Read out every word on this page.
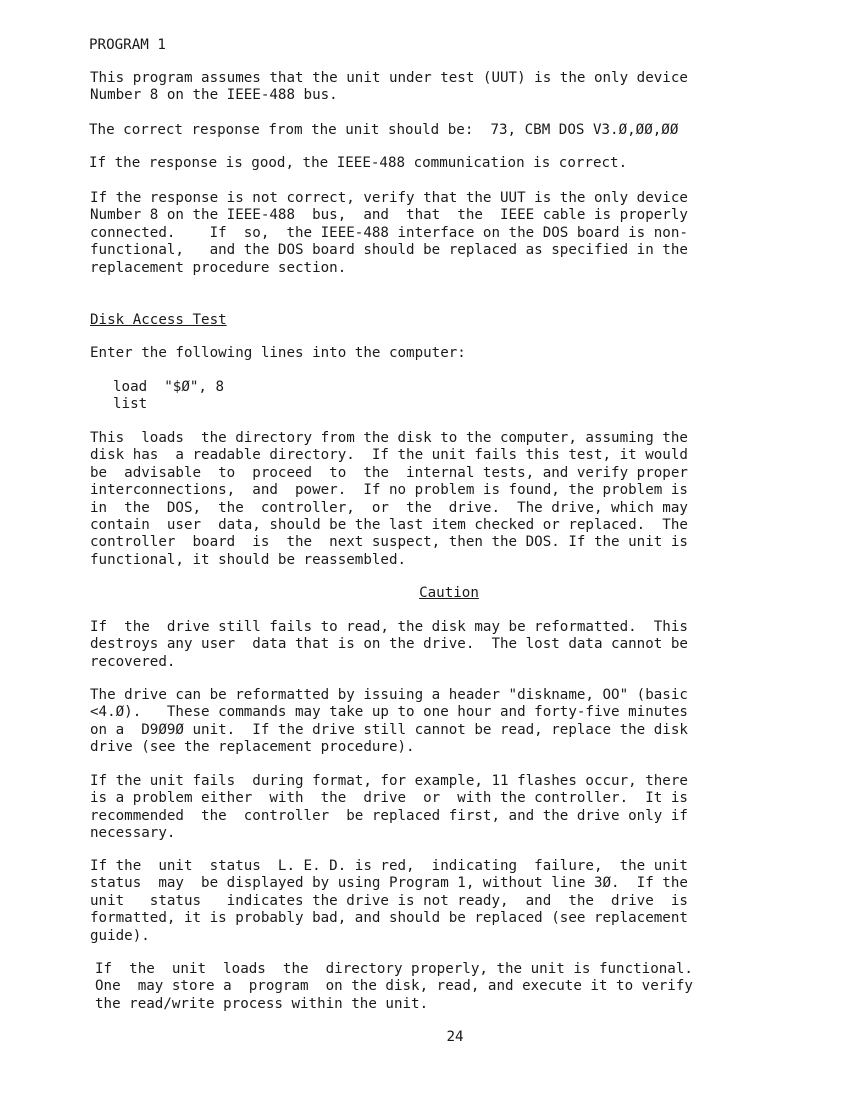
PROGRAM 1
This program assumes that the unit under test (UUT) is the only device
Number 8 on the IEEE-488 bus.
The correct response from the unit should be:  73, CBM DOS V3.Ø,ØØ,ØØ
If the response is good, the IEEE-488 communication is correct.
If the response is not correct, verify that the UUT is the only device
Number 8 on the IEEE-488  bus,  and  that  the  IEEE cable is properly
connected.    If  so,  the IEEE-488 interface on the DOS board is non-
functional,   and the DOS board should be replaced as specified in the
replacement procedure section.
Disk Access Test
Enter the following lines into the computer:
load  "$Ø", 8
list
This  loads  the directory from the disk to the computer, assuming the
disk has  a readable directory.  If the unit fails this test, it would
be  advisable  to  proceed  to  the  internal tests, and verify proper
interconnections,  and  power.  If no problem is found, the problem is
in  the  DOS,  the  controller,  or  the  drive.  The drive, which may
contain  user  data, should be the last item checked or replaced.  The
controller  board  is  the  next suspect, then the DOS. If the unit is
functional, it should be reassembled.
Caution
If  the  drive still fails to read, the disk may be reformatted.  This
destroys any user  data that is on the drive.  The lost data cannot be
recovered.
The drive can be reformatted by issuing a header "diskname, OO" (basic
<4.Ø).   These commands may take up to one hour and forty-five minutes
on a  D9Ø9Ø unit.  If the drive still cannot be read, replace the disk
drive (see the replacement procedure).
If the unit fails  during format, for example, 11 flashes occur, there
is a problem either  with  the  drive  or  with the controller.  It is
recommended  the  controller  be replaced first, and the drive only if
necessary.
If the  unit  status  L. E. D. is red,  indicating  failure,  the unit
status  may  be displayed by using Program 1, without line 3Ø.  If the
unit   status   indicates the drive is not ready,  and  the  drive  is
formatted, it is probably bad, and should be replaced (see replacement
guide).
If  the  unit  loads  the  directory properly, the unit is functional.
One  may store a  program  on the disk, read, and execute it to verify
the read/write process within the unit.
24
